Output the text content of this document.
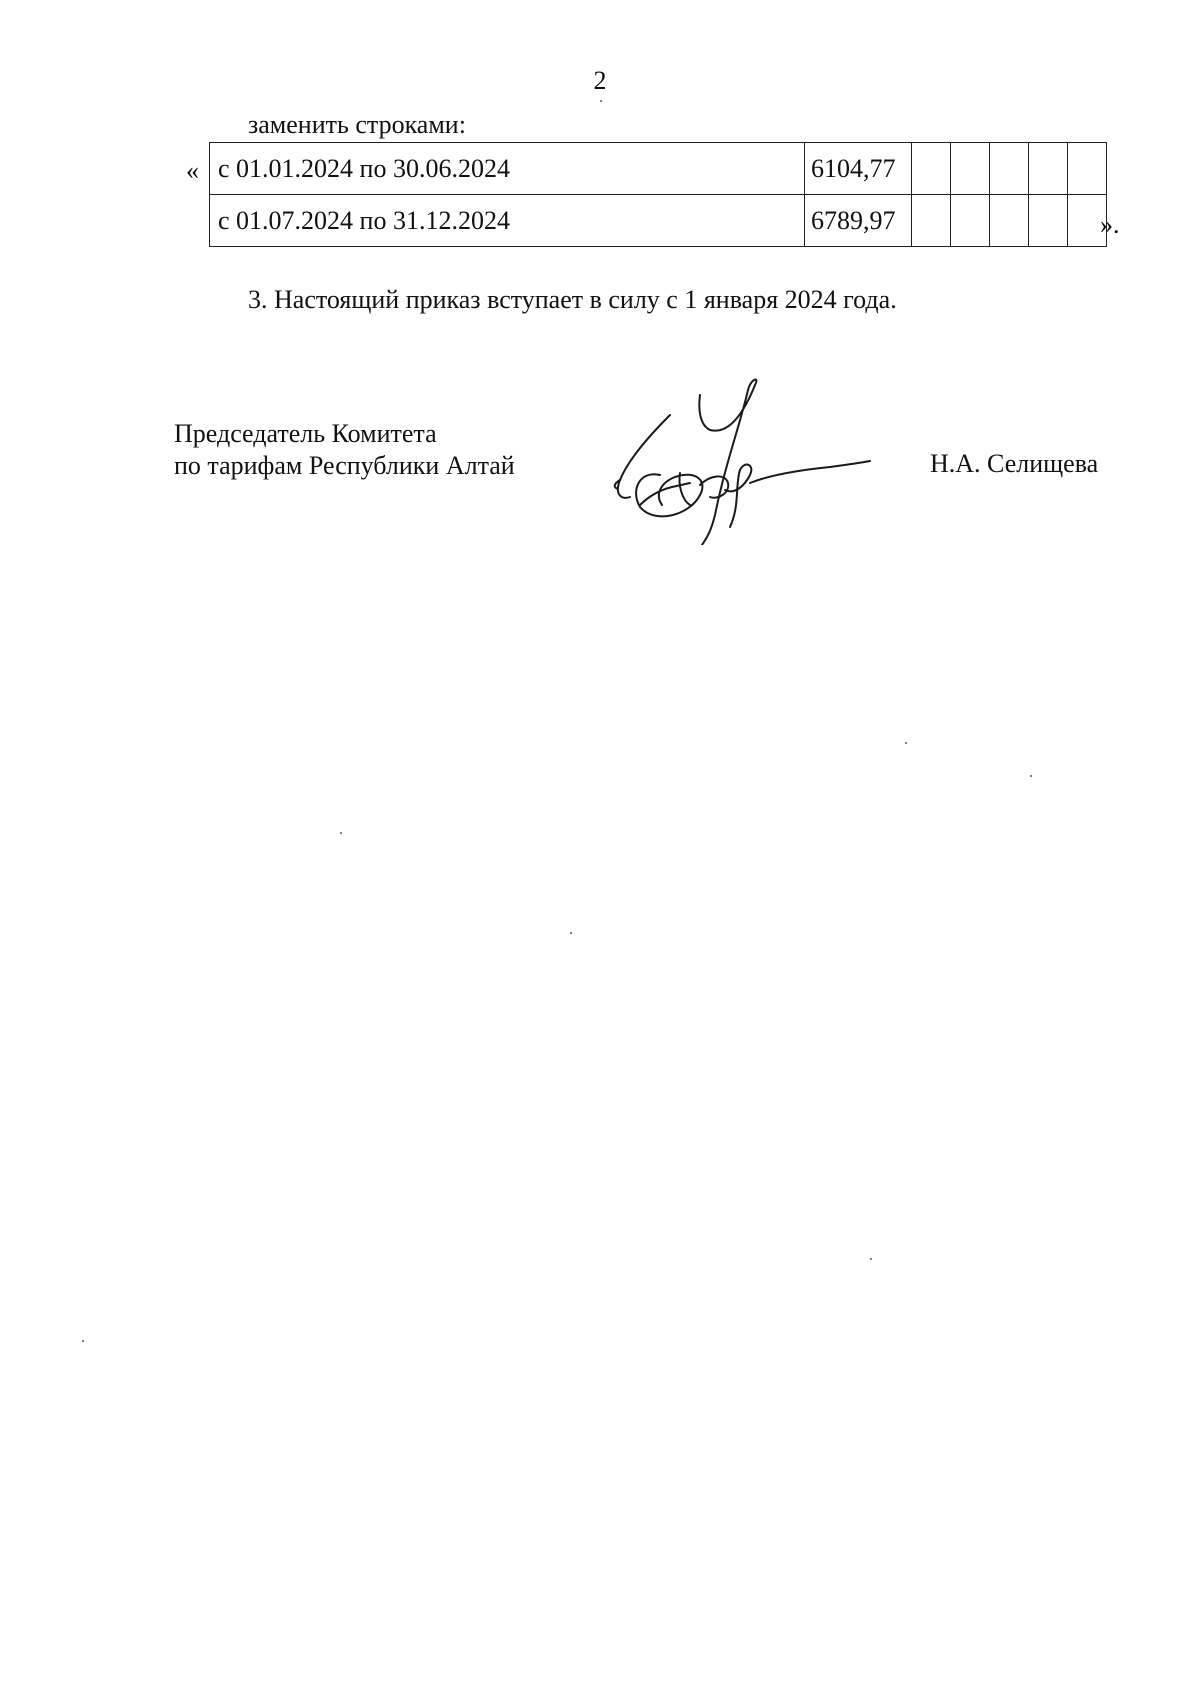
2
заменить строками:
« с 01.01.2024 по 30.06.2024	6104,77					
с 01.07.2024 по 31.12.2024	6789,97						».
3. Настоящий приказ вступает в силу с 1 января 2024 года.
Председатель Комитета
по тарифам Республики Алтай	Н.А. Селищева
